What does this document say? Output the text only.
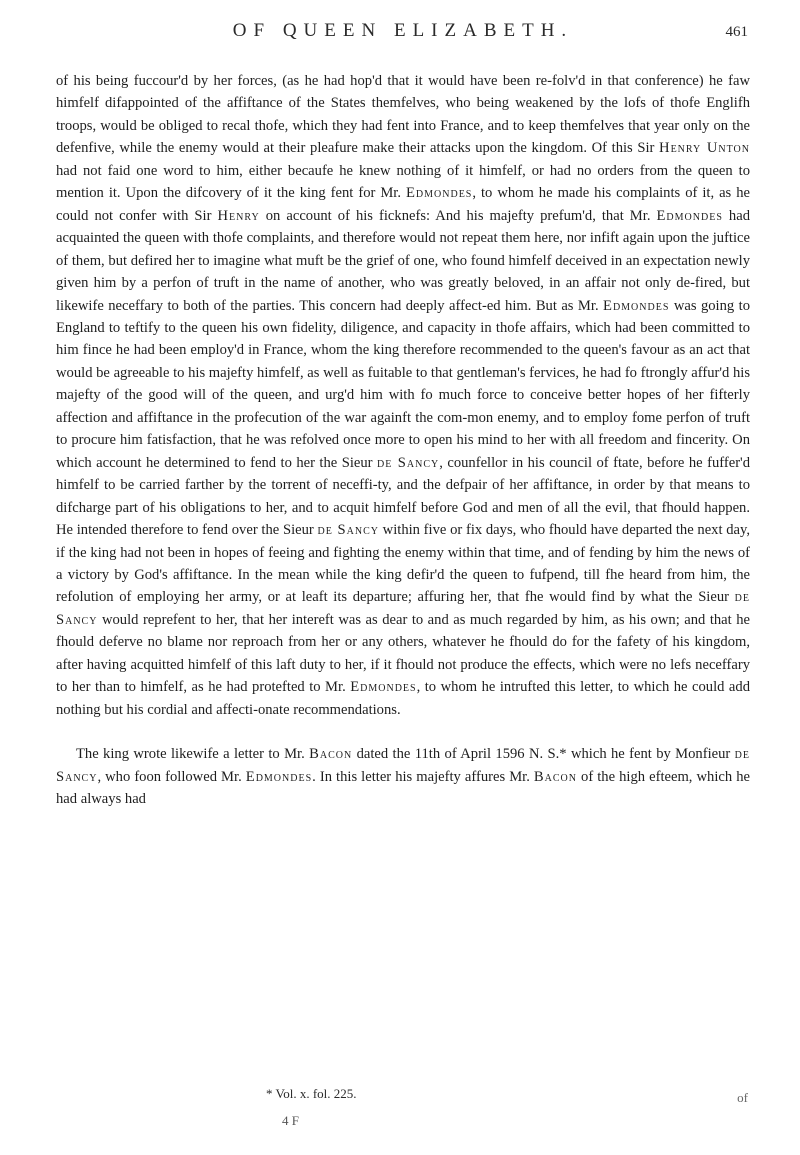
OF QUEEN ELIZABETH.	461

of his being fuccour'd by her forces, (as he had hop'd that it would have been re-folv'd in that conference) he faw himfelf difappointed of the affiftance of the States themfelves, who being weakened by the lofs of thofe Englifh troops, would be obliged to recal thofe, which they had fent into France, and to keep themfelves that year only on the defenfive, while the enemy would at their pleafure make their attacks upon the kingdom. Of this Sir Henry Unton had not faid one word to him, either becaufe he knew nothing of it himfelf, or had no orders from the queen to mention it. Upon the difcovery of it the king fent for Mr. Edmondes, to whom he made his complaints of it, as he could not confer with Sir Henry on account of his ficknefs: And his majefty prefum'd, that Mr. Edmondes had acquainted the queen with thofe complaints, and therefore would not repeat them here, nor infift again upon the juftice of them, but defired her to imagine what muft be the grief of one, who found himfelf deceived in an expectation newly given him by a perfon of truft in the name of another, who was greatly beloved, in an affair not only de-fired, but likewife neceffary to both of the parties. This concern had deeply affect-ed him. But as Mr. Edmondes was going to England to teftify to the queen his own fidelity, diligence, and capacity in thofe affairs, which had been committed to him fince he had been employ'd in France, whom the king therefore recommended to the queen's favour as an act that would be agreeable to his majefty himfelf, as well as fuitable to that gentleman's fervices, he had fo ftrongly affur'd his majefty of the good will of the queen, and urg'd him with fo much force to conceive better hopes of her fifterly affection and affiftance in the profecution of the war againft the com-mon enemy, and to employ fome perfon of truft to procure him fatisfaction, that he was refolved once more to open his mind to her with all freedom and fincerity. On which account he determined to fend to her the Sieur de Sancy, counfellor in his council of ftate, before he fuffer'd himfelf to be carried farther by the torrent of neceffi-ty, and the defpair of her affiftance, in order by that means to difcharge part of his obligations to her, and to acquit himfelf before God and men of all the evil, that fhould happen. He intended therefore to fend over the Sieur de Sancy within five or fix days, who fhould have departed the next day, if the king had not been in hopes of feeing and fighting the enemy within that time, and of fending by him the news of a victory by God's affiftance. In the mean while the king defir'd the queen to fufpend, till fhe heard from him, the refolution of employing her army, or at leaft its departure; affuring her, that fhe would find by what the Sieur de Sancy would reprefent to her, that her intereft was as dear to and as much regarded by him, as his own; and that he fhould deferve no blame nor reproach from her or any others, whatever he fhould do for the fafety of his kingdom, after having acquitted himfelf of this laft duty to her, if it fhould not produce the effects, which were no lefs neceffary to her than to himfelf, as he had protefted to Mr. Edmondes, to whom he intrufted this letter, to which he could add nothing but his cordial and affecti-onate recommendations.

The king wrote likewife a letter to Mr. Bacon dated the 11th of April 1596 N. S.* which he fent by Monfieur de Sancy, who foon followed Mr. Edmondes. In this letter his majefty affures Mr. Bacon of the high efteem, which he had always had

* Vol. x. fol. 225.	of
4 F
